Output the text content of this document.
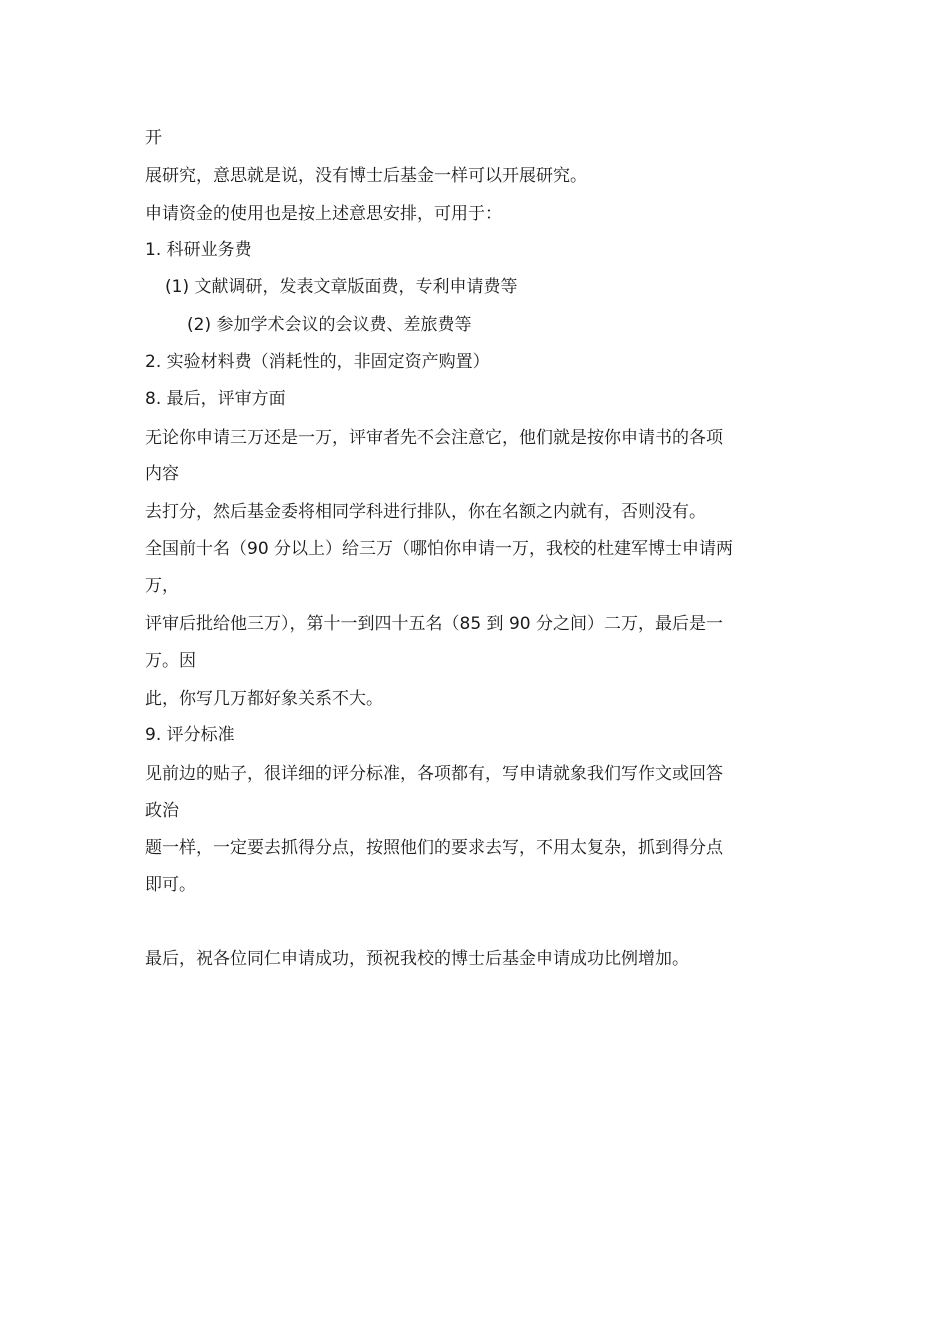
开

展研究，意思就是说，没有博士后基金一样可以开展研究。

申请资金的使用也是按上述意思安排，可用于：

1. 科研业务费

(1) 文献调研，发表文章版面费，专利申请费等

(2) 参加学术会议的会议费、差旅费等

2. 实验材料费（消耗性的，非固定资产购置）

8. 最后，评审方面

无论你申请三万还是一万，评审者先不会注意它，他们就是按你申请书的各项

内容

去打分，然后基金委将相同学科进行排队，你在名额之内就有，否则没有。

全国前十名（90 分以上）给三万（哪怕你申请一万，我校的杜建军博士申请两

万，

评审后批给他三万），第十一到四十五名（85 到 90 分之间）二万，最后是一

万。因

此，你写几万都好象关系不大。

9. 评分标准

见前边的贴子，很详细的评分标准，各项都有，写申请就象我们写作文或回答

政治

题一样，一定要去抓得分点，按照他们的要求去写，不用太复杂，抓到得分点

即可。

最后，祝各位同仁申请成功，预祝我校的博士后基金申请成功比例增加。
